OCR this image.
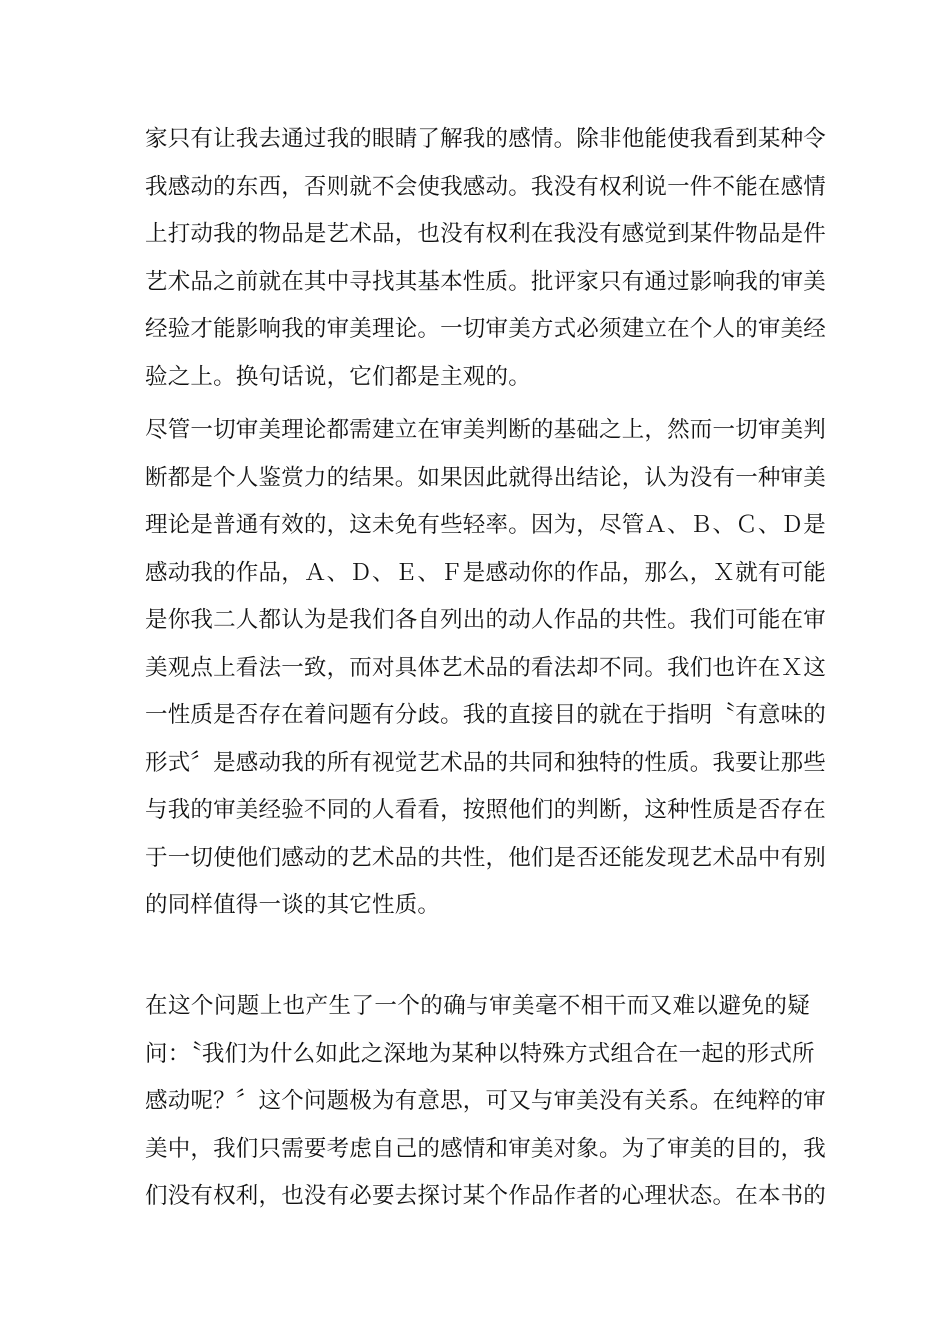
家只有让我去通过我的眼睛了解我的感情。除非他能使我看到某种令
我感动的东西，否则就不会使我感动。我没有权利说一件不能在感情
上打动我的物品是艺术品，也没有权利在我没有感觉到某件物品是件
艺术品之前就在其中寻找其基本性质。批评家只有通过影响我的审美
经验才能影响我的审美理论。一切审美方式必须建立在个人的审美经
验之上。换句话说，它们都是主观的。
尽管一切审美理论都需建立在审美判断的基础之上，然而一切审美判
断都是个人鉴赏力的结果。如果因此就得出结论，认为没有一种审美
理论是普通有效的，这未免有些轻率。因为，尽管Ａ、Ｂ、Ｃ、Ｄ是
感动我的作品，Ａ、Ｄ、Ｅ、Ｆ是感动你的作品，那么，Ｘ就有可能
是你我二人都认为是我们各自列出的动人作品的共性。我们可能在审
美观点上看法一致，而对具体艺术品的看法却不同。我们也许在Ｘ这
一性质是否存在着问题有分歧。我的直接目的就在于指明〝有意味的
形式〞是感动我的所有视觉艺术品的共同和独特的性质。我要让那些
与我的审美经验不同的人看看，按照他们的判断，这种性质是否存在
于一切使他们感动的艺术品的共性，他们是否还能发现艺术品中有别
的同样值得一谈的其它性质。
在这个问题上也产生了一个的确与审美毫不相干而又难以避免的疑
问：〝我们为什么如此之深地为某种以特殊方式组合在一起的形式所
感动呢？〞这个问题极为有意思，可又与审美没有关系。在纯粹的审
美中，我们只需要考虑自己的感情和审美对象。为了审美的目的，我
们没有权利，也没有必要去探讨某个作品作者的心理状态。在本书的
